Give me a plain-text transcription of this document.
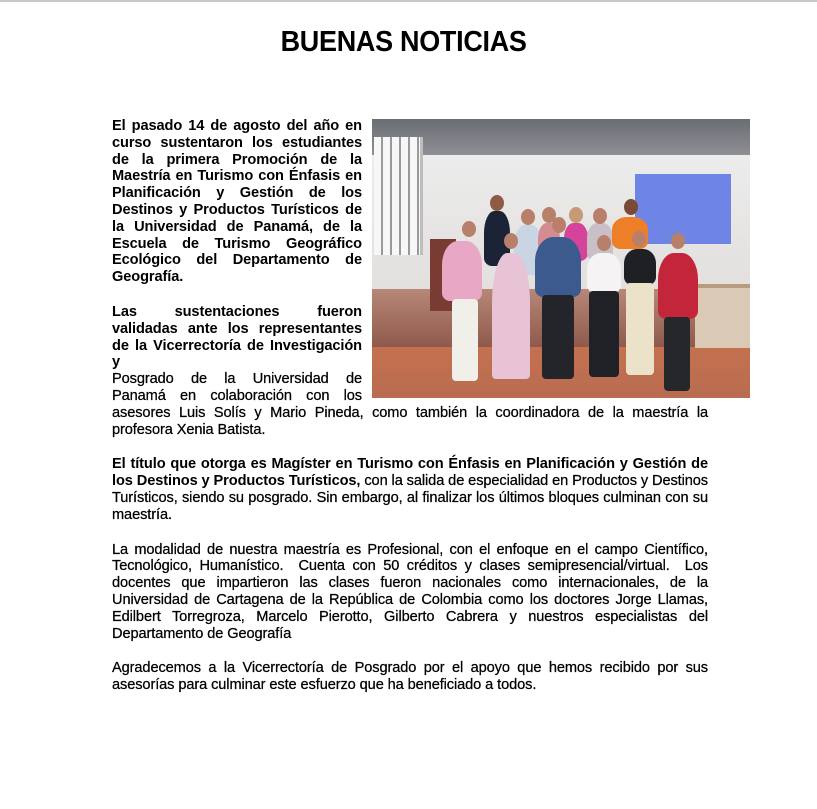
BUENAS NOTICIAS

El pasado 14 de agosto del año en curso sustentaron los estudiantes de la primera Promoción de la Maestría en Turismo con Énfasis en Planificación y Gestión de los Destinos y Productos Turísticos de la Universidad de Panamá, de la Escuela de Turismo Geográfico Ecológico del Departamento de Geografía.

Las sustentaciones fueron validadas ante los representantes de la Vicerrectoría de Investigación y
Posgrado de la Universidad de Panamá en colaboración con los asesores Luis Solís y Mario Pineda, como también la coordinadora de la maestría la profesora Xenia Batista.

El título que otorga es Magíster en Turismo con Énfasis en Planificación y Gestión de los Destinos y Productos Turísticos, con la salida de especialidad en Productos y Destinos Turísticos, siendo su posgrado. Sin embargo, al finalizar los últimos bloques culminan con su maestría.

La modalidad de nuestra maestría es Profesional, con el enfoque en el campo Científico, Tecnológico, Humanístico.  Cuenta con 50 créditos y clases semipresencial/virtual.  Los docentes que impartieron las clases fueron nacionales como internacionales, de la Universidad de Cartagena de la República de Colombia como los doctores Jorge Llamas, Edilbert Torregroza, Marcelo Pierotto, Gilberto Cabrera y nuestros especialistas del Departamento de Geografía

Agradecemos a la Vicerrectoría de Posgrado por el apoyo que hemos recibido por sus asesorías para culminar este esfuerzo que ha beneficiado a todos.
